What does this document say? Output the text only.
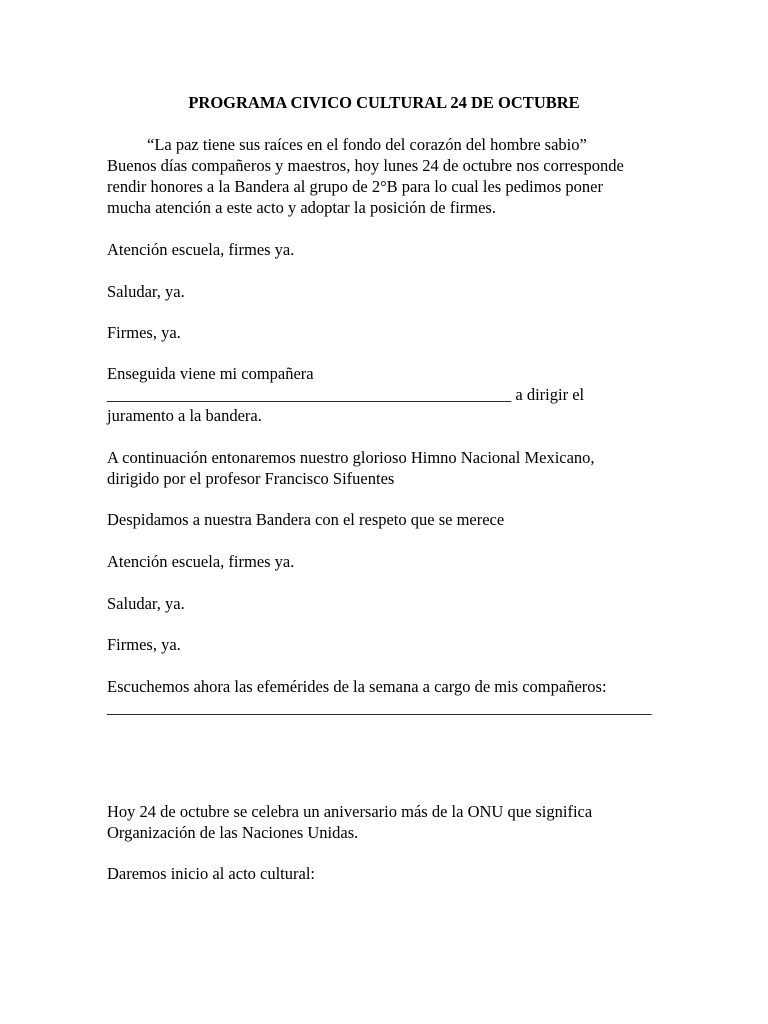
PROGRAMA CIVICO CULTURAL 24 DE OCTUBRE
“La paz tiene sus raíces en el fondo del corazón del hombre sabio”
Buenos días compañeros y maestros, hoy lunes 24 de octubre nos corresponde
rendir honores a la Bandera al grupo de 2°B para lo cual les pedimos poner
mucha atención a este acto y adoptar la posición de firmes.
Atención escuela, firmes ya.
Saludar, ya.
Firmes, ya.
Enseguida viene mi compañera
_________________________________________________ a dirigir el
juramento a la bandera.
A continuación entonaremos nuestro glorioso Himno Nacional Mexicano,
dirigido por el profesor Francisco Sifuentes
Despidamos a nuestra Bandera con el respeto que se merece
Atención escuela, firmes ya.
Saludar, ya.
Firmes, ya.
Escuchemos ahora las efemérides de la semana a cargo de mis compañeros:
__________________________________________________________________
Hoy 24 de octubre se celebra un aniversario más de la ONU que significa
Organización de las Naciones Unidas.
Daremos inicio al acto cultural:
